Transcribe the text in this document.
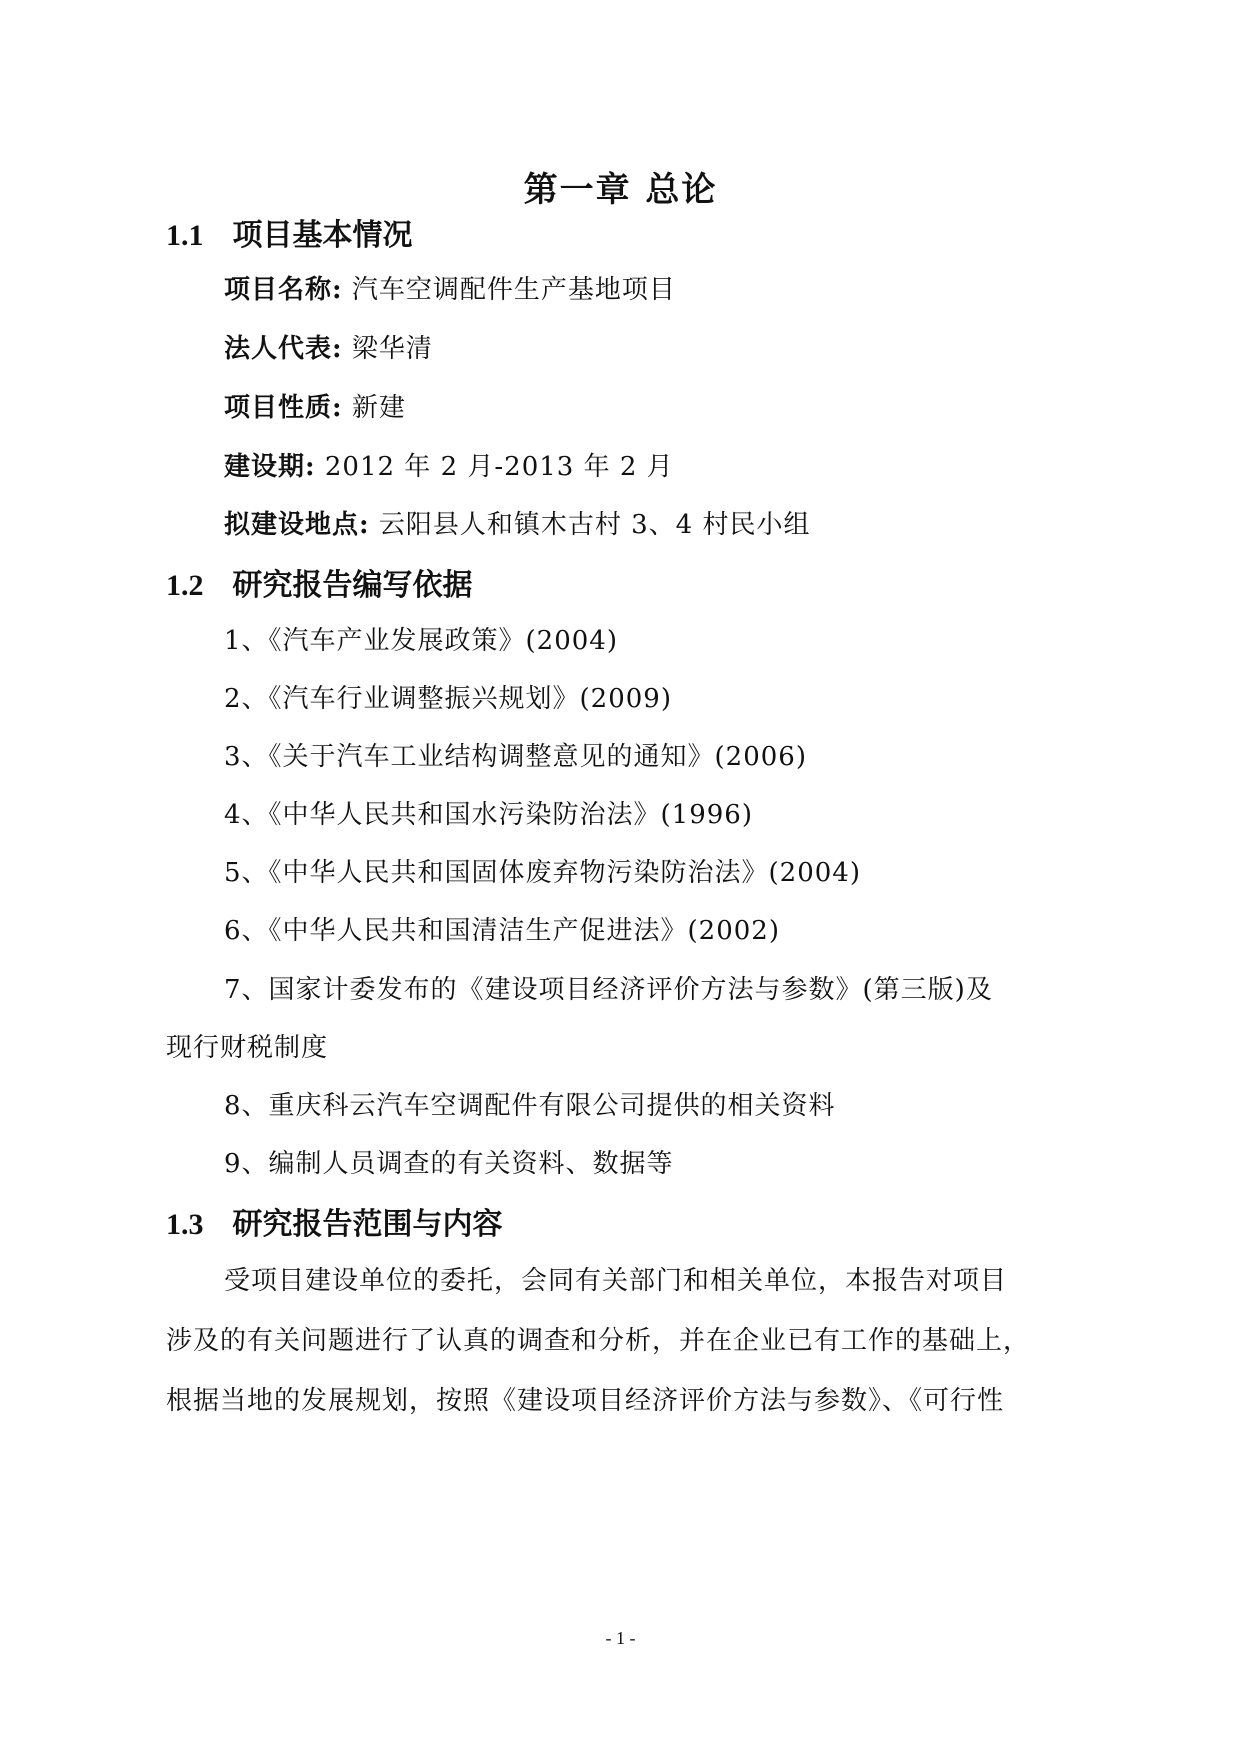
第一章 总论
1.1 项目基本情况
项目名称: 汽车空调配件生产基地项目
法人代表: 梁华清
项目性质: 新建
建设期: 2012 年 2 月-2013 年 2 月
拟建设地点: 云阳县人和镇木古村 3、4 村民小组
1.2 研究报告编写依据
1、《汽车产业发展政策》(2004)
2、《汽车行业调整振兴规划》(2009)
3、《关于汽车工业结构调整意见的通知》(2006)
4、《中华人民共和国水污染防治法》(1996)
5、《中华人民共和国固体废弃物污染防治法》(2004)
6、《中华人民共和国清洁生产促进法》(2002)
7、国家计委发布的《建设项目经济评价方法与参数》(第三版)及
现行财税制度
8、重庆科云汽车空调配件有限公司提供的相关资料
9、编制人员调查的有关资料、数据等
1.3 研究报告范围与内容
受项目建设单位的委托，会同有关部门和相关单位，本报告对项目
涉及的有关问题进行了认真的调查和分析，并在企业已有工作的基础上，
根据当地的发展规划，按照《建设项目经济评价方法与参数》、《可行性
- 1 -
